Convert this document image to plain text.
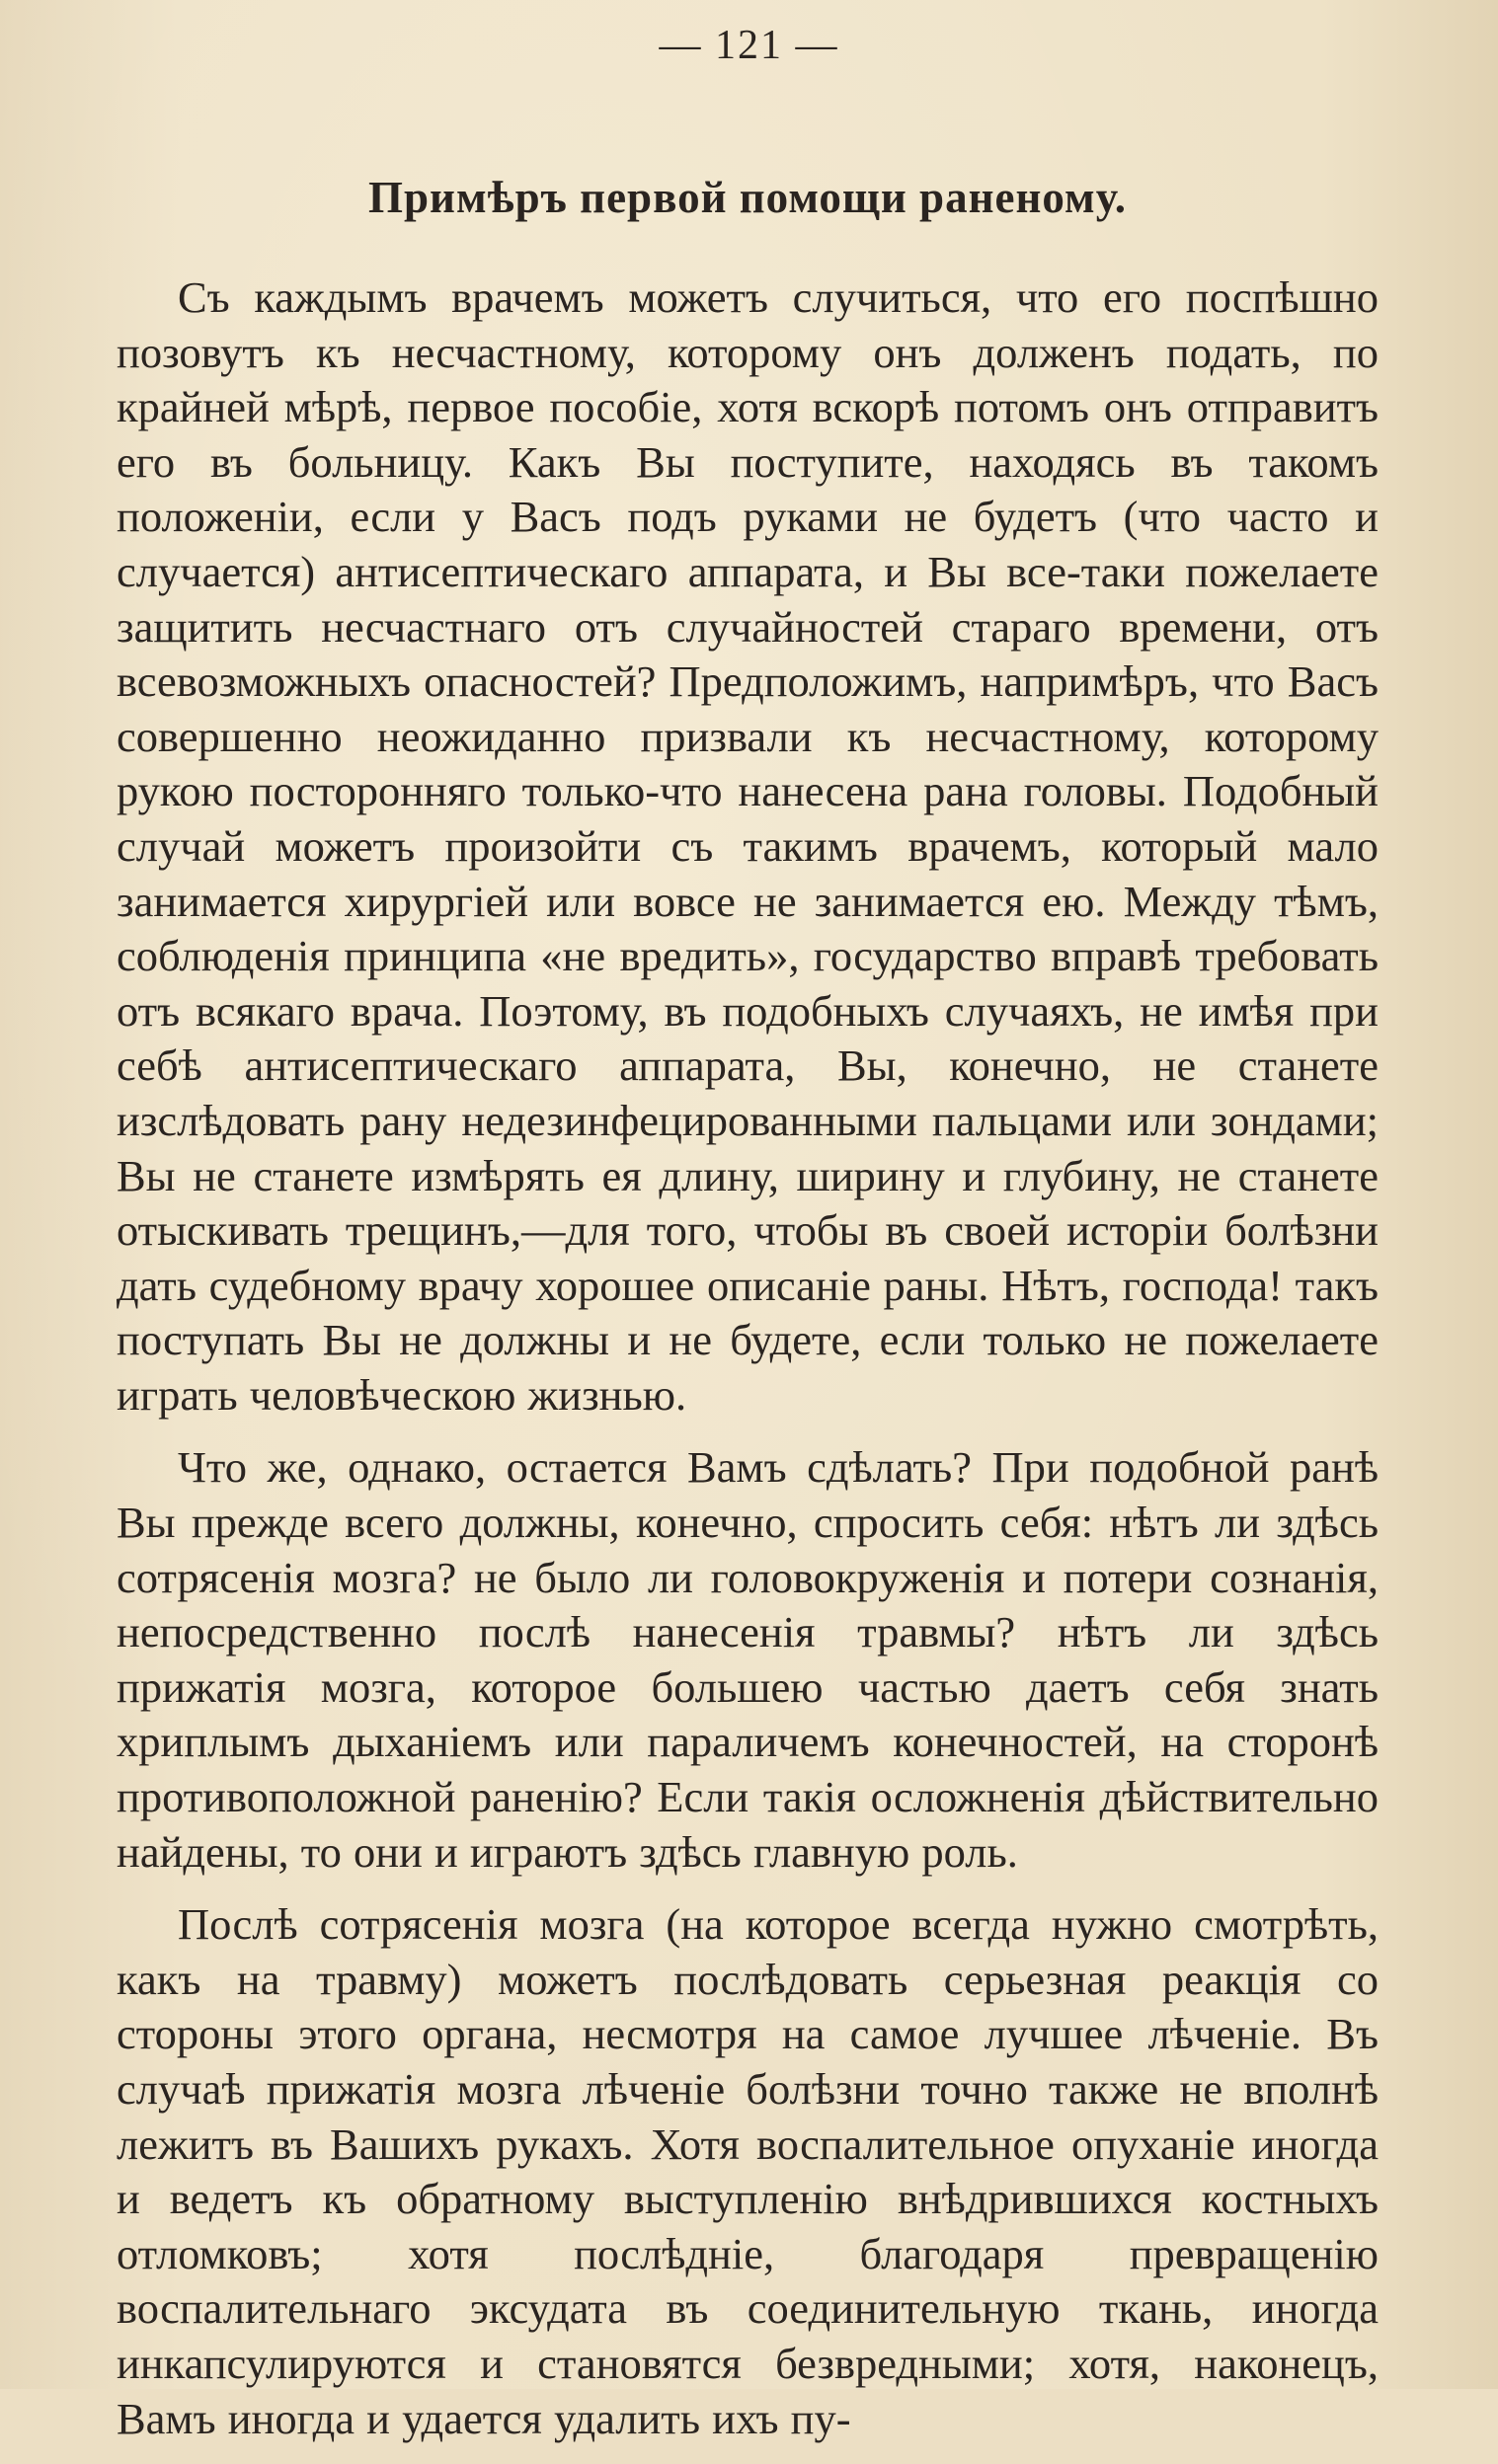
— 121 —
Примѣръ первой помощи раненому.

Съ каждымъ врачемъ можетъ случиться, что его поспѣшно позовутъ къ несчастному, которому онъ долженъ подать, по крайней мѣрѣ, первое пособіе, хотя вскорѣ потомъ онъ отправитъ его въ больницу. Какъ Вы поступите, находясь въ такомъ положеніи, если у Васъ подъ руками не будетъ (что часто и случается) антисептическаго аппарата, и Вы все-таки пожелаете защитить несчастнаго отъ случайностей стараго времени, отъ всевозможныхъ опасностей? Предположимъ, напримѣръ, что Васъ совершенно неожиданно призвали къ несчастному, которому рукою посторонняго только-что нанесена рана головы. Подобный случай можетъ произойти съ такимъ врачемъ, который мало занимается хирургіей или вовсе не занимается ею. Между тѣмъ, соблюденія принципа «не вредить», государство вправѣ требовать отъ всякаго врача. Поэтому, въ подобныхъ случаяхъ, не имѣя при себѣ антисептическаго аппарата, Вы, конечно, не станете изслѣдовать рану недезинфецированными пальцами или зондами; Вы не станете измѣрять ея длину, ширину и глубину, не станете отыскивать трещинъ,—для того, чтобы въ своей исторіи болѣзни дать судебному врачу хорошее описаніе раны. Нѣтъ, господа! такъ поступать Вы не должны и не будете, если только не пожелаете играть человѣческою жизнью.

Что же, однако, остается Вамъ сдѣлать? При подобной ранѣ Вы прежде всего должны, конечно, спросить себя: нѣтъ ли здѣсь сотрясенія мозга? не было ли головокруженія и потери сознанія, непосредственно послѣ нанесенія травмы? нѣтъ ли здѣсь прижатія мозга, которое большею частью даетъ себя знать хриплымъ дыханіемъ или параличемъ конечностей, на сторонѣ противоположной раненію? Если такія осложненія дѣйствительно найдены, то они и играютъ здѣсь главную роль.

Послѣ сотрясенія мозга (на которое всегда нужно смотрѣть, какъ на травму) можетъ послѣдовать серьезная реакція со стороны этого органа, несмотря на самое лучшее лѣченіе. Въ случаѣ прижатія мозга лѣченіе болѣзни точно также не вполнѣ лежитъ въ Вашихъ рукахъ. Хотя воспалительное опуханіе иногда и ведетъ къ обратному выступленію внѣдрившихся костныхъ отломковъ; хотя послѣдніе, благодаря превращенію воспалительнаго эксудата въ соединительную ткань, иногда инкапсулируются и становятся безвредными; хотя, наконецъ, Вамъ иногда и удается удалить ихъ пу-
